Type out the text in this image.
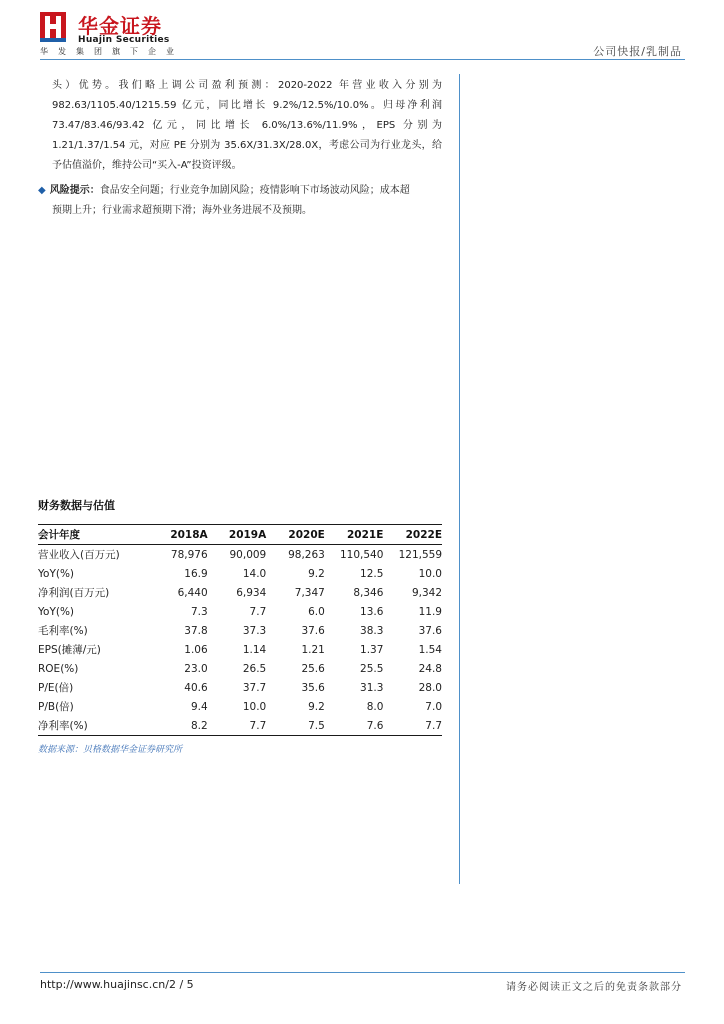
华金证券
Huajin Securities
华发集团旗下企业	公司快报/乳制品
头）优势。我们略上调公司盈利预测：2020-2022 年营业收入分别为 982.63/1105.40/1215.59 亿元，同比增长 9.2%/12.5%/10.0%。归母净利润 73.47/83.46/93.42 亿元，同比增长 6.0%/13.6%/11.9%，EPS 分别为 1.21/1.37/1.54 元，对应 PE 分别为 35.6X/31.3X/28.0X，考虑公司为行业龙头，给予估值溢价，维持公司“买入-A”投资评级。
◆ 风险提示：食品安全问题；行业竞争加剧风险；疫情影响下市场波动风险；成本超
预期上升；行业需求超预期下滑；海外业务进展不及预期。
财务数据与估值
会计年度	2018A	2019A	2020E	2021E	2022E
营业收入(百万元)	78,976	90,009	98,263	110,540	121,559
YoY(%)	16.9	14.0	9.2	12.5	10.0
净利润(百万元)	6,440	6,934	7,347	8,346	9,342
YoY(%)	7.3	7.7	6.0	13.6	11.9
毛利率(%)	37.8	37.3	37.6	38.3	37.6
EPS(摊薄/元)	1.06	1.14	1.21	1.37	1.54
ROE(%)	23.0	26.5	25.6	25.5	24.8
P/E(倍)	40.6	37.7	35.6	31.3	28.0
P/B(倍)	9.4	10.0	9.2	8.0	7.0
净利率(%)	8.2	7.7	7.5	7.6	7.7
数据来源：贝格数据华金证券研究所
http://www.huajinsc.cn/2 / 5	请务必阅读正文之后的免责条款部分
